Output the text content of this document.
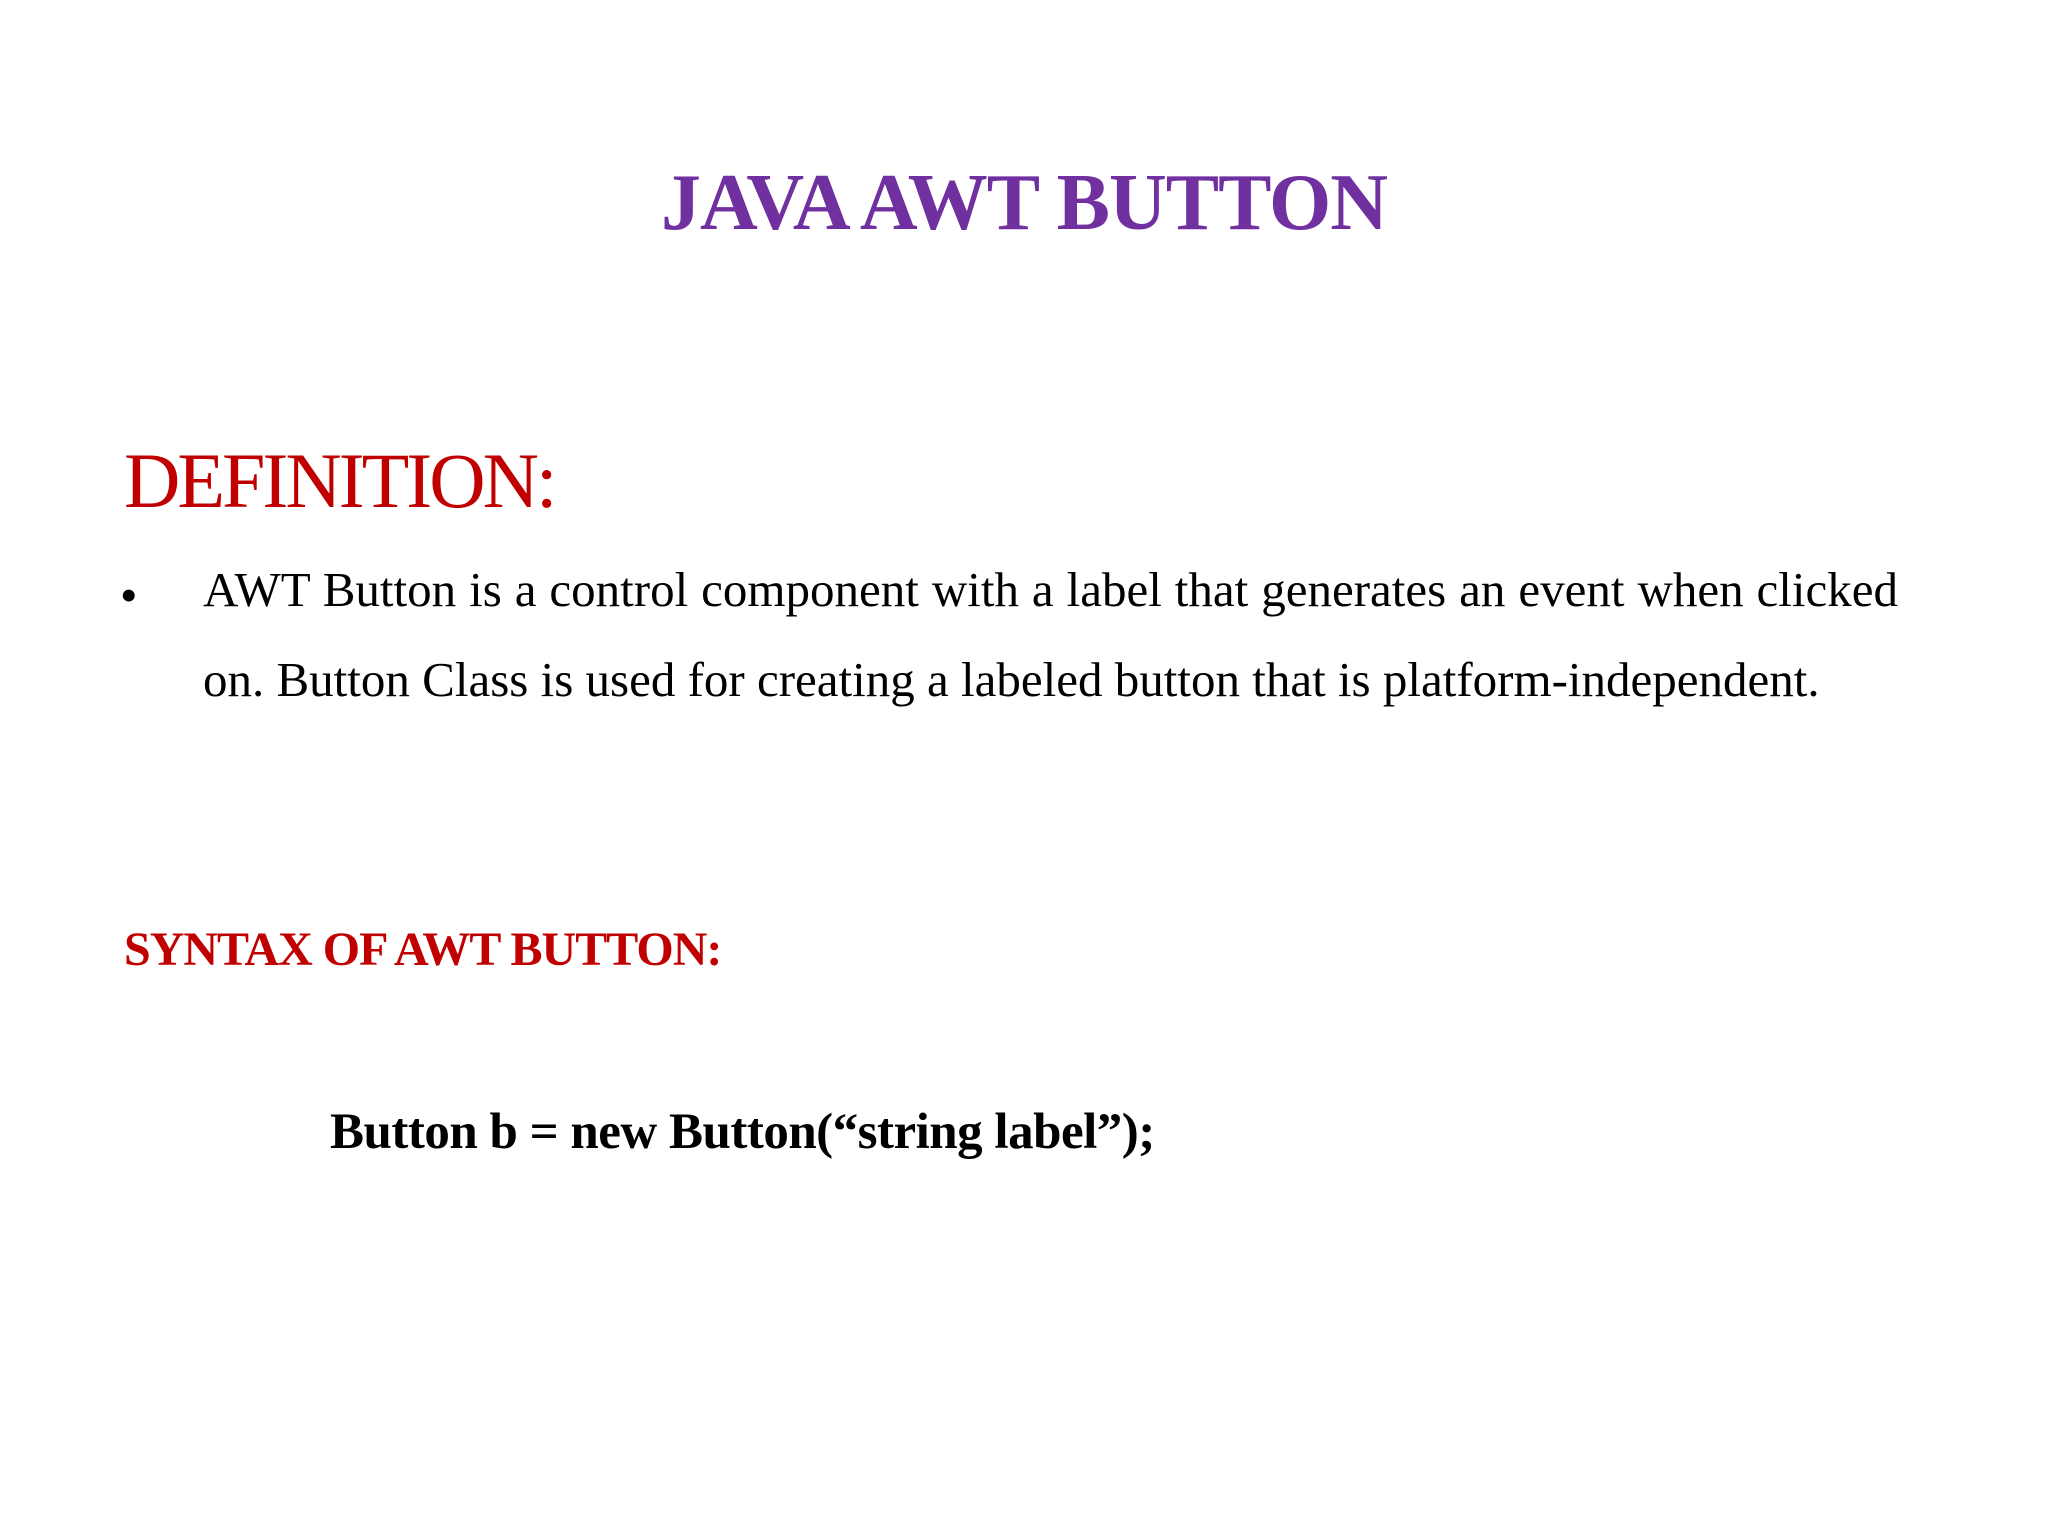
JAVA AWT BUTTON
DEFINITION:
• AWT Button is a control component with a label that generates an event when clicked on. Button Class is used for creating a labeled button that is platform-independent.
SYNTAX OF AWT BUTTON:
Button b = new Button(“string label”);
